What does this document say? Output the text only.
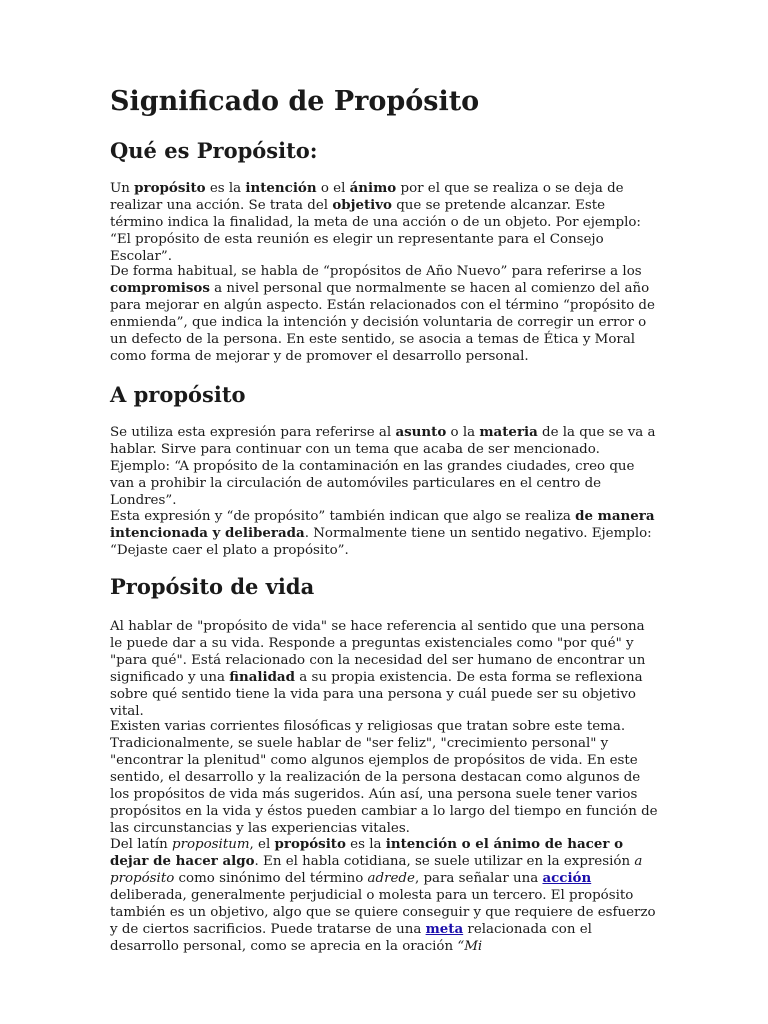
Significado de Propósito
Qué es Propósito:

Un propósito es la intención o el ánimo por el que se realiza o se deja de realizar una acción. Se trata del objetivo que se pretende alcanzar. Este término indica la finalidad, la meta de una acción o de un objeto. Por ejemplo: “El propósito de esta reunión es elegir un representante para el Consejo Escolar”.

De forma habitual, se habla de “propósitos de Año Nuevo” para referirse a los compromisos a nivel personal que normalmente se hacen al comienzo del año para mejorar en algún aspecto. Están relacionados con el término “propósito de enmienda”, que indica la intención y decisión voluntaria de corregir un error o un defecto de la persona. En este sentido, se asocia a temas de Ética y Moral como forma de mejorar y de promover el desarrollo personal.

A propósito

Se utiliza esta expresión para referirse al asunto o la materia de la que se va a hablar. Sirve para continuar con un tema que acaba de ser mencionado. Ejemplo: “A propósito de la contaminación en las grandes ciudades, creo que van a prohibir la circulación de automóviles particulares en el centro de Londres”.

Esta expresión y “de propósito” también indican que algo se realiza de manera intencionada y deliberada. Normalmente tiene un sentido negativo. Ejemplo: “Dejaste caer el plato a propósito”.

Propósito de vida

Al hablar de "propósito de vida" se hace referencia al sentido que una persona le puede dar a su vida. Responde a preguntas existenciales como "por qué" y "para qué". Está relacionado con la necesidad del ser humano de encontrar un significado y una finalidad a su propia existencia. De esta forma se reflexiona sobre qué sentido tiene la vida para una persona y cuál puede ser su objetivo vital.

Existen varias corrientes filosóficas y religiosas que tratan sobre este tema. Tradicionalmente, se suele hablar de "ser feliz", "crecimiento personal" y "encontrar la plenitud" como algunos ejemplos de propósitos de vida. En este sentido, el desarrollo y la realización de la persona destacan como algunos de los propósitos de vida más sugeridos. Aún así, una persona suele tener varios propósitos en la vida y éstos pueden cambiar a lo largo del tiempo en función de las circunstancias y las experiencias vitales.

Del latín propositum, el propósito es la intención o el ánimo de hacer o dejar de hacer algo. En el habla cotidiana, se suele utilizar en la expresión a propósito como sinónimo del término adrede, para señalar una acción deliberada, generalmente perjudicial o molesta para un tercero. El propósito también es un objetivo, algo que se quiere conseguir y que requiere de esfuerzo y de ciertos sacrificios. Puede tratarse de una meta relacionada con el desarrollo personal, como se aprecia en la oración “Mi
